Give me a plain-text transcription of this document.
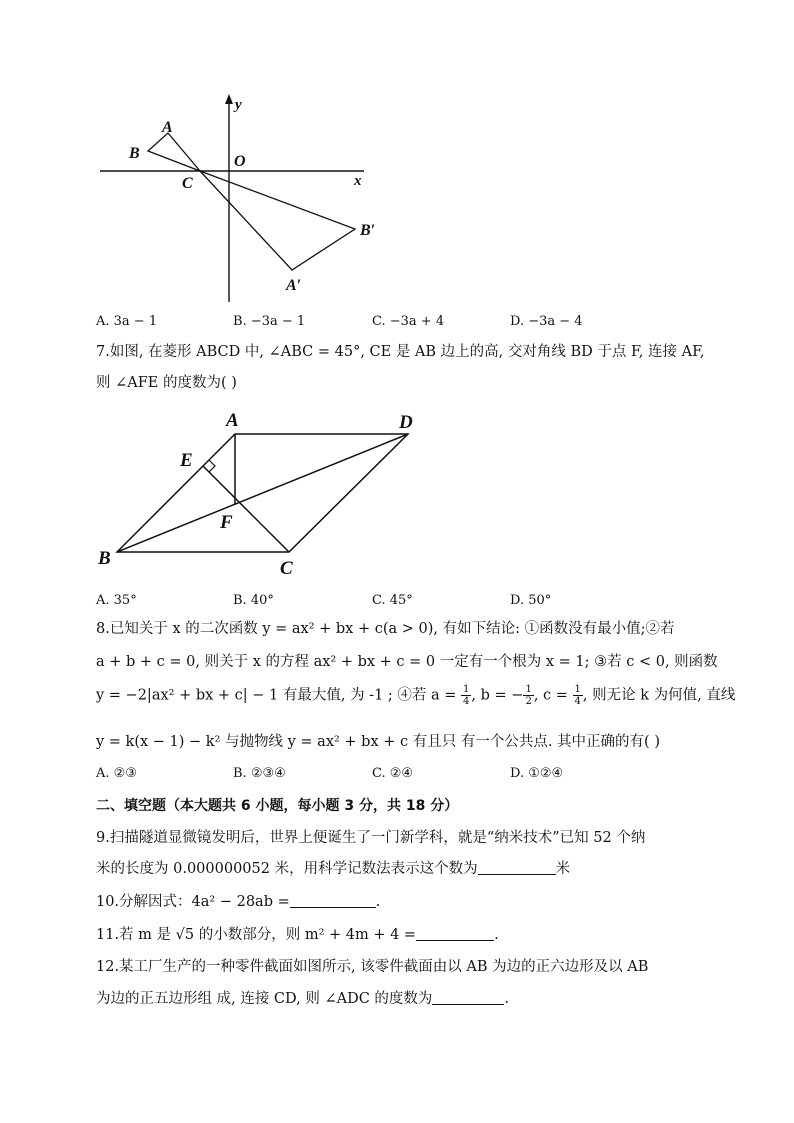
A
B
C
O
x
y
B′
A′
A. 3a − 1	B. −3a − 1	C. −3a + 4	D. −3a − 4
7.如图, 在菱形 ABCD 中, ∠ABC = 45°, CE 是 AB 边上的高, 交对角线 BD 于点 F, 连接 AF,
则 ∠AFE 的度数为( )
A
B	C
D
E
F
A. 35°	B. 40°	C. 45°	D. 50°
8.已知关于 x 的二次函数 y = ax² + bx + c(a > 0), 有如下结论: ①函数没有最小值;②若
a + b + c = 0, 则关于 x 的方程 ax² + bx + c = 0 一定有一个根为 x = 1; ③若 c < 0, 则函数
y = −2|ax² + bx + c| − 1 有最大值, 为 -1 ; ④若 $a = \frac{1}{4}$ , b = − $\frac{1}{2}$ , $c = \frac{1}{4}$ , 则无论 k 为何值, 直线
y = k(x − 1) − k² 与抛物线 y = ax² + bx + c 有且只 有一个公共点. 其中正确的有( )
A. ②③	B. ②③④	C. ②④	D. ①②④
二、填空题（本大题共 6 小题，每小题 3 分，共 18 分）
9.扫描隧道显微镜发明后，世界上便诞生了一门新学科，就是“纳米技术”已知 52 个纳
米的长度为 0.000000052 米，用科学记数法表示这个数为	米
10.分解因式：4a² − 28ab =	.
11.若 m 是 √5 的小数部分，则 m² + 4m + 4 =	.
12.某工厂生产的一种零件截面如图所示, 该零件截面由以 AB 为边的正六边形及以 AB
为边的正五边形组 成, 连接 CD, 则 ∠ADC 的度数为	.
